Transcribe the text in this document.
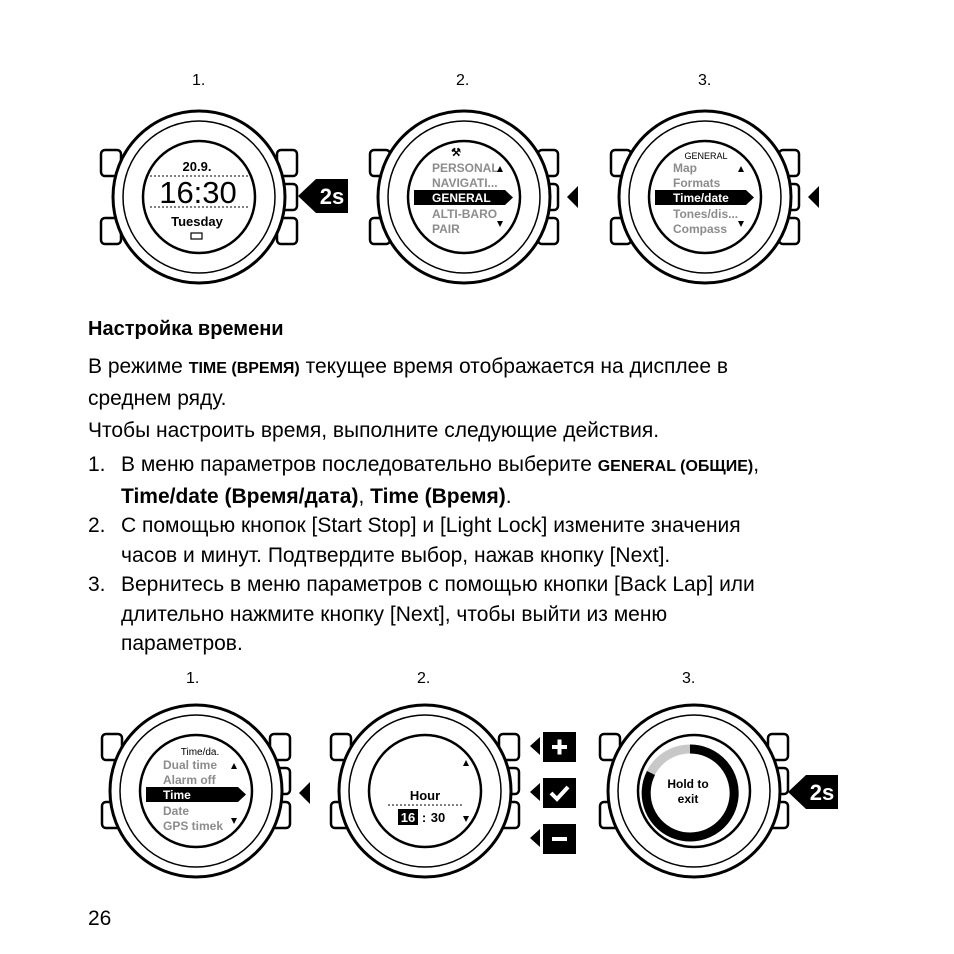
1.	2.	3.
20.9.
16:30
Tuesday
2s
⚒
PERSONAL
NAVIGATI...
GENERAL
ALTI-BARO
PAIR
GENERAL
Map
Formats
Time/date
Tones/dis...
Compass
Настройка времени
В режиме TIME (ВРЕМЯ) текущее время отображается на дисплее в
среднем ряду.
Чтобы настроить время, выполните следующие действия.
1. В меню параметров последовательно выберите GENERAL (ОБЩИЕ),
Time/date (Время/дата), Time (Время).
2. С помощью кнопок [Start Stop] и [Light Lock] измените значения
часов и минут. Подтвердите выбор, нажав кнопку [Next].
3. Вернитесь в меню параметров с помощью кнопки [Back Lap] или
длительно нажмите кнопку [Next], чтобы выйти из меню
параметров.
1.	2.	3.
Time/da.
Dual time
Alarm off
Time
Date
GPS timek
Hour
16 : 30
Hold to
exit	2s
26
